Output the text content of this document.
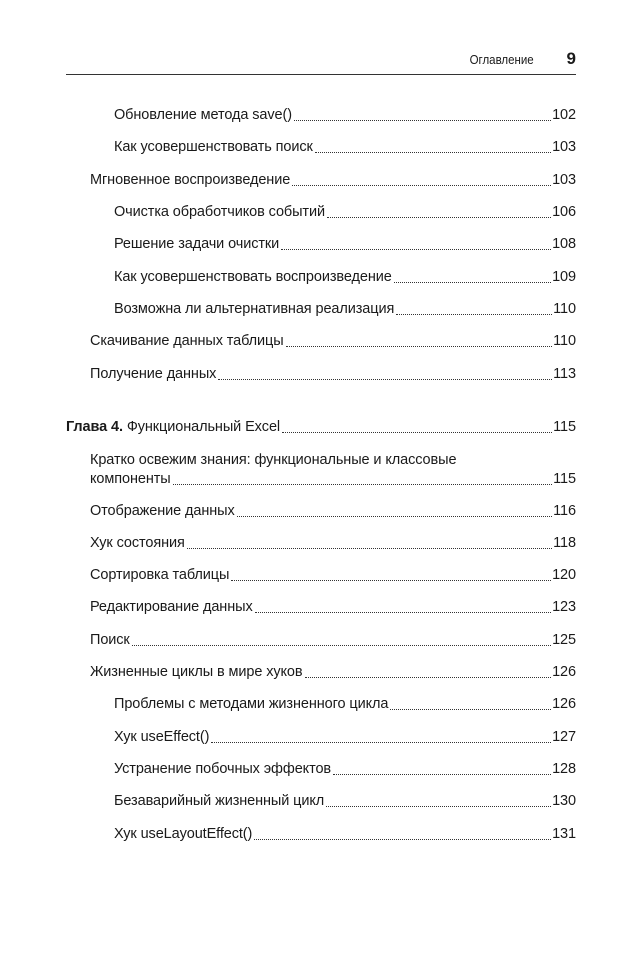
Оглавление 9
Обновление метода save()	102
Как усовершенствовать поиск	103
Мгновенное воспроизведение	103
Очистка обработчиков событий	106
Решение задачи очистки	108
Как усовершенствовать воспроизведение	109
Возможна ли альтернативная реализация	110
Скачивание данных таблицы	110
Получение данных	113
Глава 4. Функциональный Excel	115
Кратко освежим знания: функциональные и классовые
компоненты	115
Отображение данных	116
Хук состояния	118
Сортировка таблицы	120
Редактирование данных	123
Поиск	125
Жизненные циклы в мире хуков	126
Проблемы с методами жизненного цикла	126
Хук useEffect()	127
Устранение побочных эффектов	128
Безаварийный жизненный цикл	130
Хук useLayoutEffect()	131
